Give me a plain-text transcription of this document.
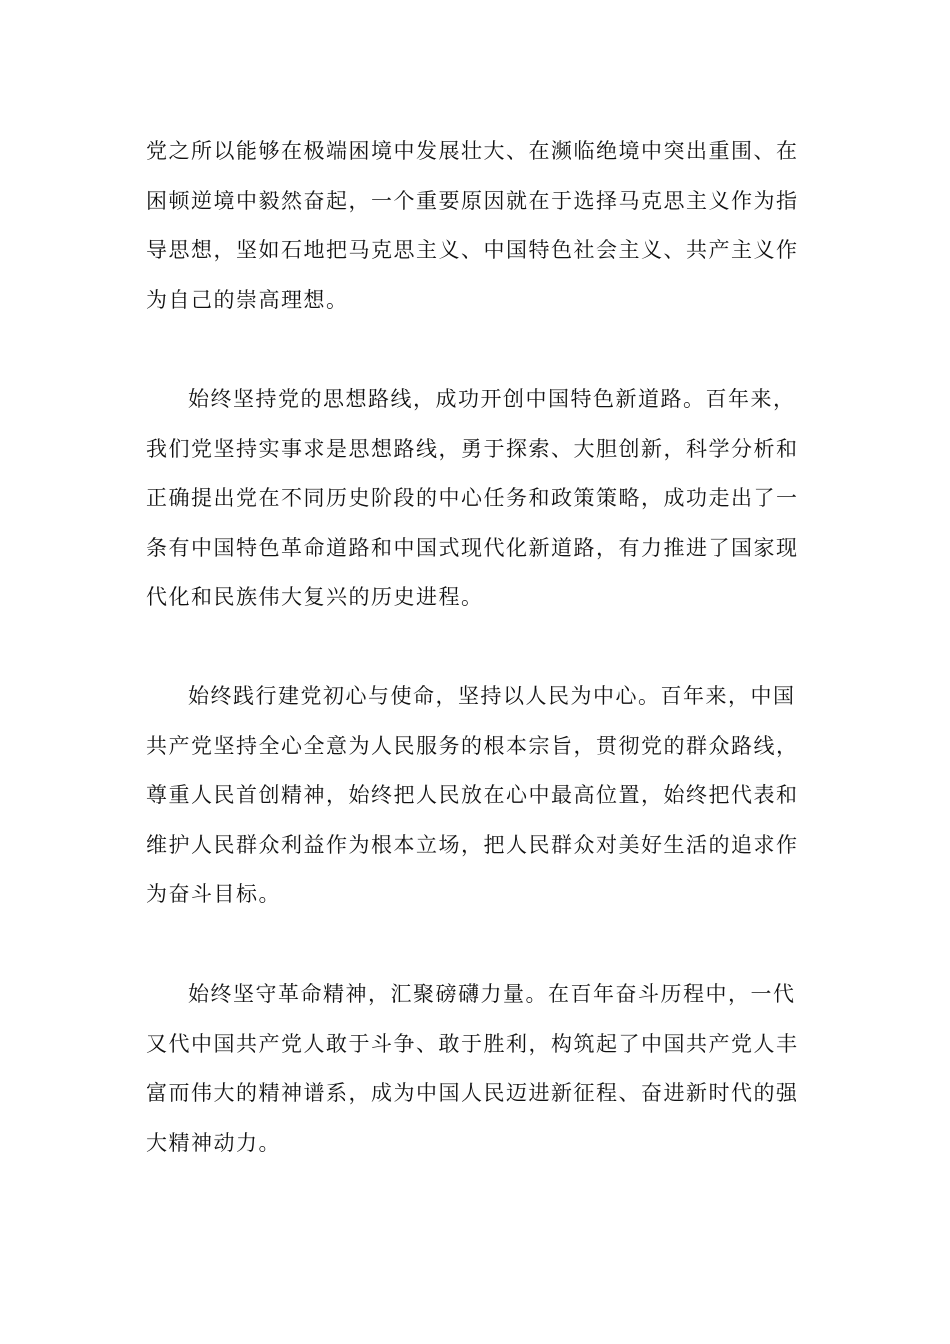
党之所以能够在极端困境中发展壮大、在濒临绝境中突出重围、在
困顿逆境中毅然奋起，一个重要原因就在于选择马克思主义作为指
导思想，坚如石地把马克思主义、中国特色社会主义、共产主义作
为自己的崇高理想。
始终坚持党的思想路线，成功开创中国特色新道路。百年来，
我们党坚持实事求是思想路线，勇于探索、大胆创新，科学分析和
正确提出党在不同历史阶段的中心任务和政策策略，成功走出了一
条有中国特色革命道路和中国式现代化新道路，有力推进了国家现
代化和民族伟大复兴的历史进程。
始终践行建党初心与使命，坚持以人民为中心。百年来，中国
共产党坚持全心全意为人民服务的根本宗旨，贯彻党的群众路线，
尊重人民首创精神，始终把人民放在心中最高位置，始终把代表和
维护人民群众利益作为根本立场，把人民群众对美好生活的追求作
为奋斗目标。
始终坚守革命精神，汇聚磅礴力量。在百年奋斗历程中，一代
又代中国共产党人敢于斗争、敢于胜利，构筑起了中国共产党人丰
富而伟大的精神谱系，成为中国人民迈进新征程、奋进新时代的强
大精神动力。
